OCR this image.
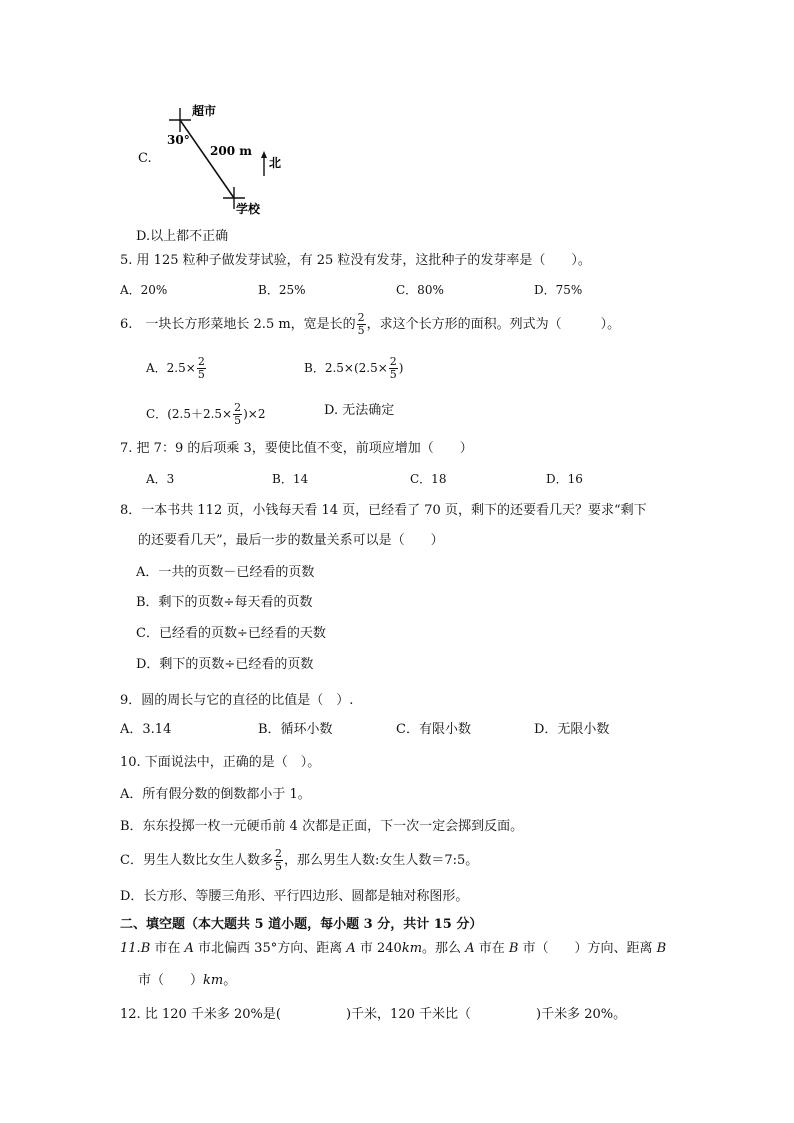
C.
超市
30°
200 m
北
学校
D.以上都不正确
5. 用 125 粒种子做发芽试验，有 25 粒没有发芽，这批种子的发芽率是（　　）。
A．20%	B．25%	C．80%	D．75%
6.　一块长方形菜地长 2.5 m，宽是长的 $\frac{2}{5}$ ，求这个长方形的面积。列式为（　　　）。
A．$2.5\times \frac{2}{5}$	B．$2.5\times(2.5\times \frac{2}{5}$ )
C．$(2.5+2.5\times \frac{2}{5} )\times 2$	D. 无法确定
7. 把 7：9 的后项乘 3，要使比值不变，前项应增加（　　）
A．3	B．14	C．18	D．16
8．一本书共 112 页，小钱每天看 14 页，已经看了 70 页，剩下的还要看几天？要求“剩下
的还要看几天”，最后一步的数量关系可以是（　　）
A．一共的页数－已经看的页数
B．剩下的页数÷每天看的页数
C．已经看的页数÷已经看的天数
D．剩下的页数÷已经看的页数
9．圆的周长与它的直径的比值是（　）.
A．3.14	B．循环小数	C．有限小数	D．无限小数
10. 下面说法中，正确的是（　）。
A．所有假分数的倒数都小于 1。
B．东东投掷一枚一元硬币前 4 次都是正面，下一次一定会掷到反面。
C．男生人数比女生人数多 $\frac{2}{5}$ ，那么男生人数:女生人数＝7:5。
D．长方形、等腰三角形、平行四边形、圆都是轴对称图形。
二、填空题（本大题共 5 道小题，每小题 3 分，共计 15 分）
11.B 市在 A 市北偏西 35°方向、距离 A 市 240km。那么 A 市在 B 市（　　）方向、距离 B
市（　　）km。
12. 比 120 千米多 20%是(　　　　　)千米，120 千米比（　　　　　)千米多 20%。
